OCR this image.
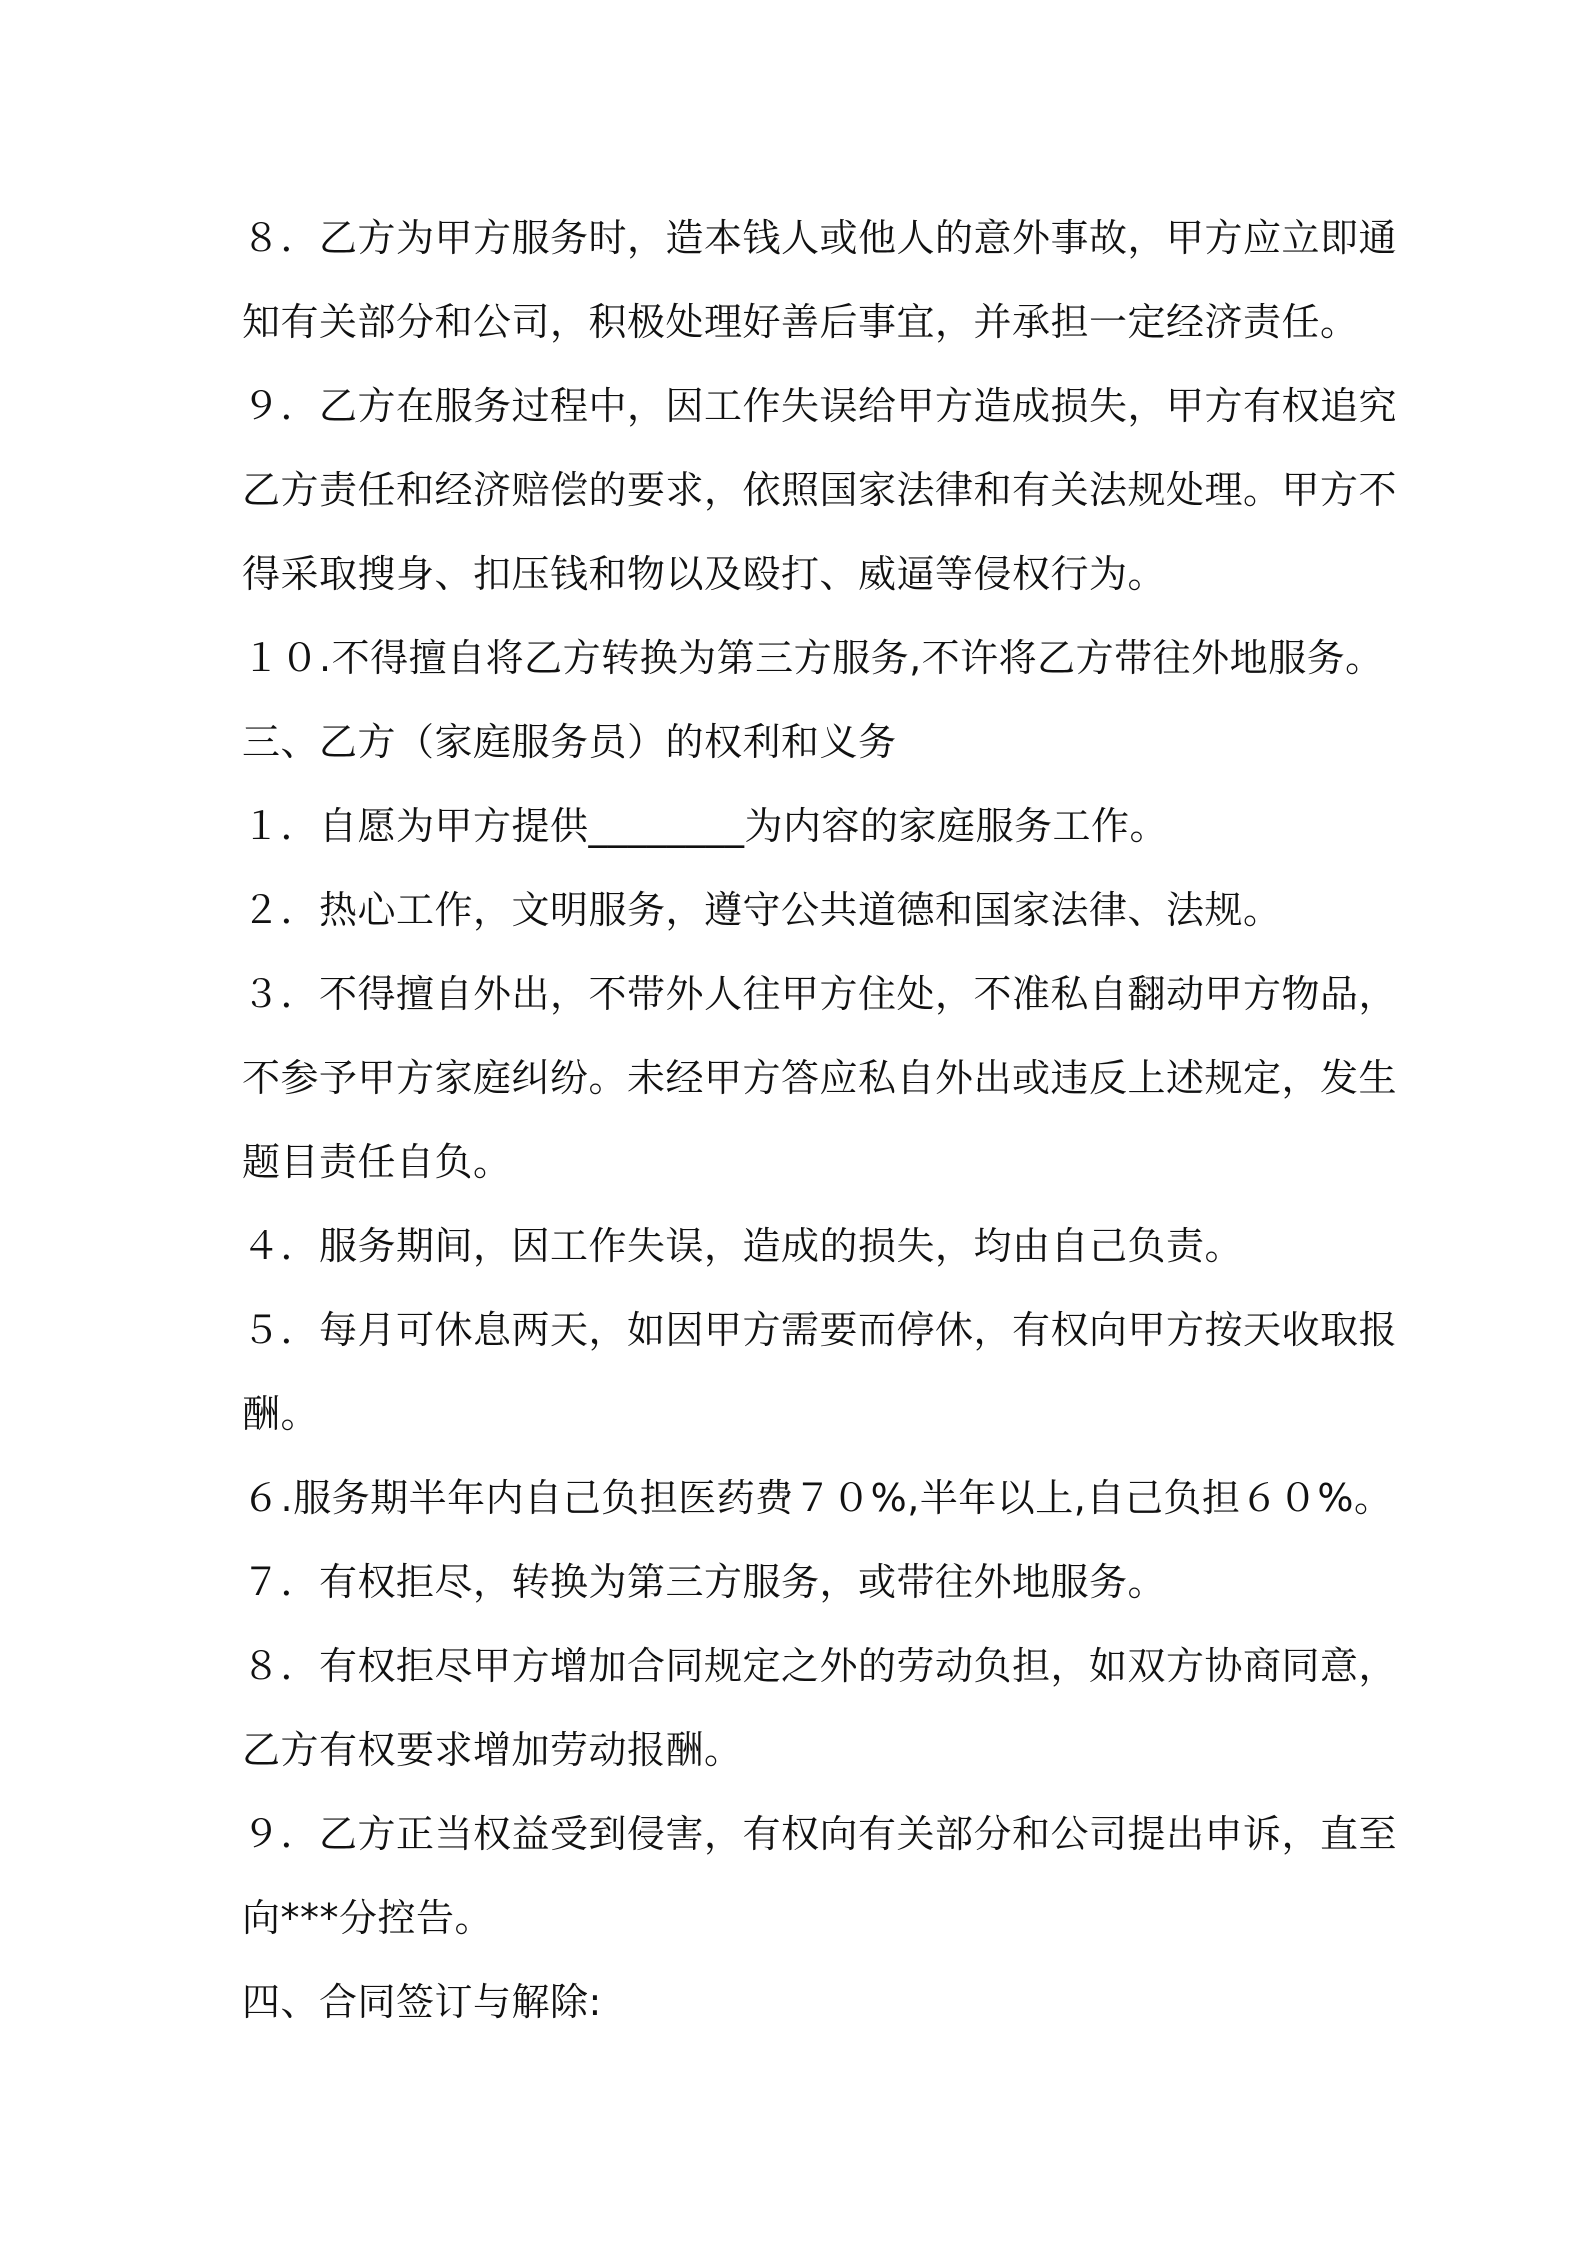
８．乙方为甲方服务时，造本钱人或他人的意外事故，甲方应立即通
知有关部分和公司，积极处理好善后事宜，并承担一定经济责任。
９．乙方在服务过程中，因工作失误给甲方造成损失，甲方有权追究
乙方责任和经济赔偿的要求，依照国家法律和有关法规处理。甲方不
得采取搜身、扣压钱和物以及殴打、威逼等侵权行为。
１０.不得擅自将乙方转换为第三方服务,不许将乙方带往外地服务。
三、乙方（家庭服务员）的权利和义务
１．自愿为甲方提供________为内容的家庭服务工作。
２．热心工作，文明服务，遵守公共道德和国家法律、法规。
３．不得擅自外出，不带外人往甲方住处，不准私自翻动甲方物品，
不参予甲方家庭纠纷。未经甲方答应私自外出或违反上述规定，发生
题目责任自负。
４．服务期间，因工作失误，造成的损失，均由自己负责。
５．每月可休息两天，如因甲方需要而停休，有权向甲方按天收取报
酬。
６.服务期半年内自己负担医药费７０%,半年以上,自己负担６０%。
７．有权拒尽，转换为第三方服务，或带往外地服务。
８．有权拒尽甲方增加合同规定之外的劳动负担，如双方协商同意，
乙方有权要求增加劳动报酬。
９．乙方正当权益受到侵害，有权向有关部分和公司提出申诉，直至
向***分控告。
四、合同签订与解除:
